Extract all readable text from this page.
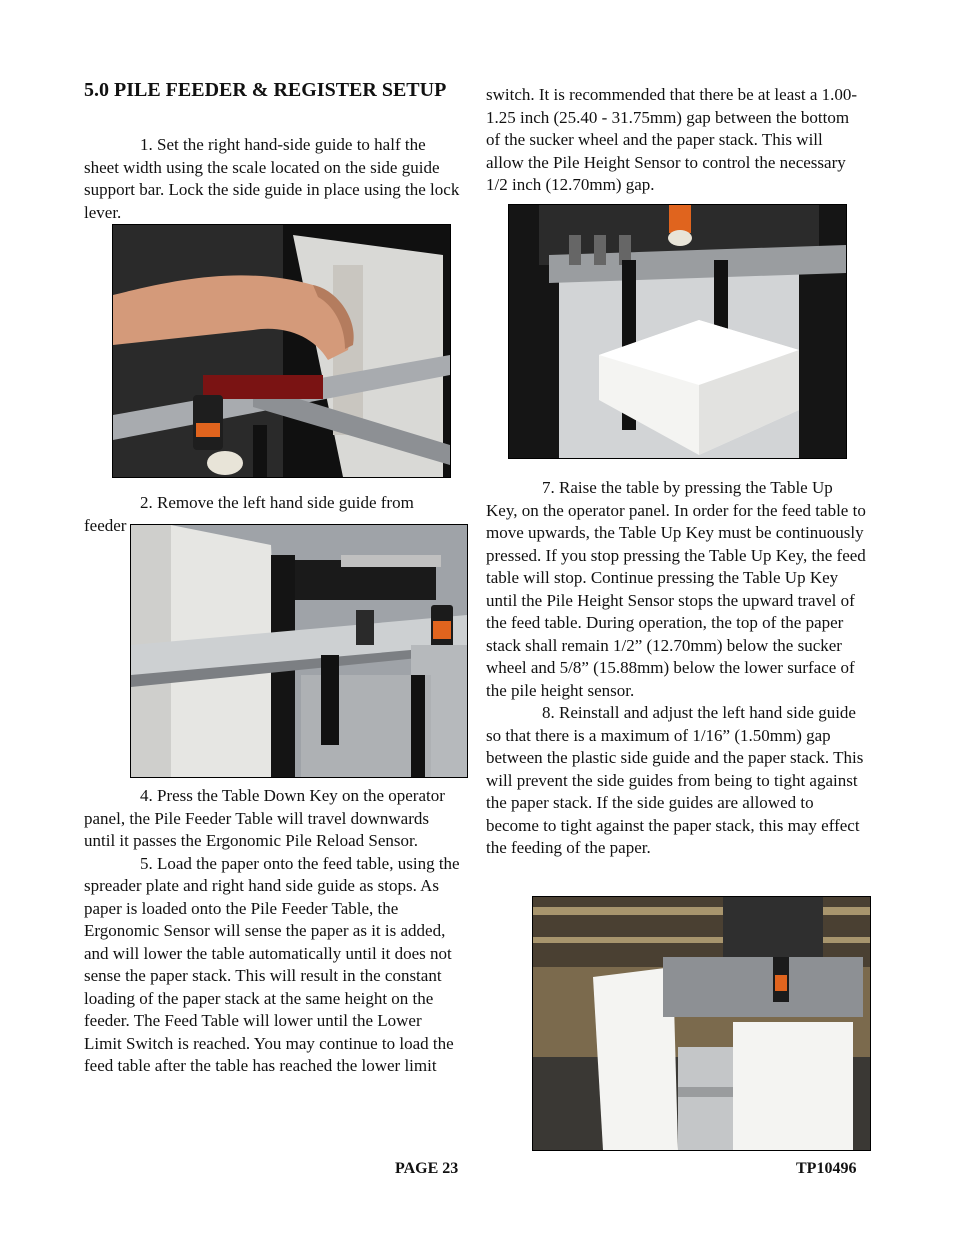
5.0 PILE FEEDER & REGISTER SETUP

1. Set the right hand-side guide to half the sheet width using the scale located on the side guide support bar. Lock the side guide in place using the lock lever.

2. Remove the left hand side guide from

feeder

4. Press the Table Down Key on the operator panel, the Pile Feeder Table will travel downwards until it passes the Ergonomic Pile Reload Sensor.

5. Load the paper onto the feed table, using the spreader plate and right hand side guide as stops. As paper is loaded onto the Pile Feeder Table, the Ergonomic Sensor will sense the paper as it is added, and will lower the table automatically until it does not sense the paper stack. This will result in the constant loading of the paper stack at the same height on the feeder. The Feed Table will lower until the Lower Limit Switch is reached. You may continue to load the feed table after the table has reached the lower limit

switch. It is recommended that there be at least a 1.00-1.25 inch (25.40 - 31.75mm) gap between the bottom of the sucker wheel and the paper stack. This will allow the Pile Height Sensor to control the necessary 1/2 inch (12.70mm) gap.

7. Raise the table by pressing the Table Up Key, on the operator panel. In order for the feed table to move upwards, the Table Up Key must be continuously pressed. If you stop pressing the Table Up Key, the feed table will stop. Continue pressing the Table Up Key until the Pile Height Sensor stops the upward travel of the feed table. During operation, the top of the paper stack shall remain 1/2” (12.70mm) below the sucker wheel and 5/8” (15.88mm) below the lower surface of the pile height sensor.

8. Reinstall and adjust the left hand side guide so that there is a maximum of 1/16” (1.50mm) gap between the plastic side guide and the paper stack. This will prevent the side guides from being to tight against the paper stack. If the side guides are allowed to become to tight against the paper stack, this may effect the feeding of the paper.

PAGE 23	TP10496
